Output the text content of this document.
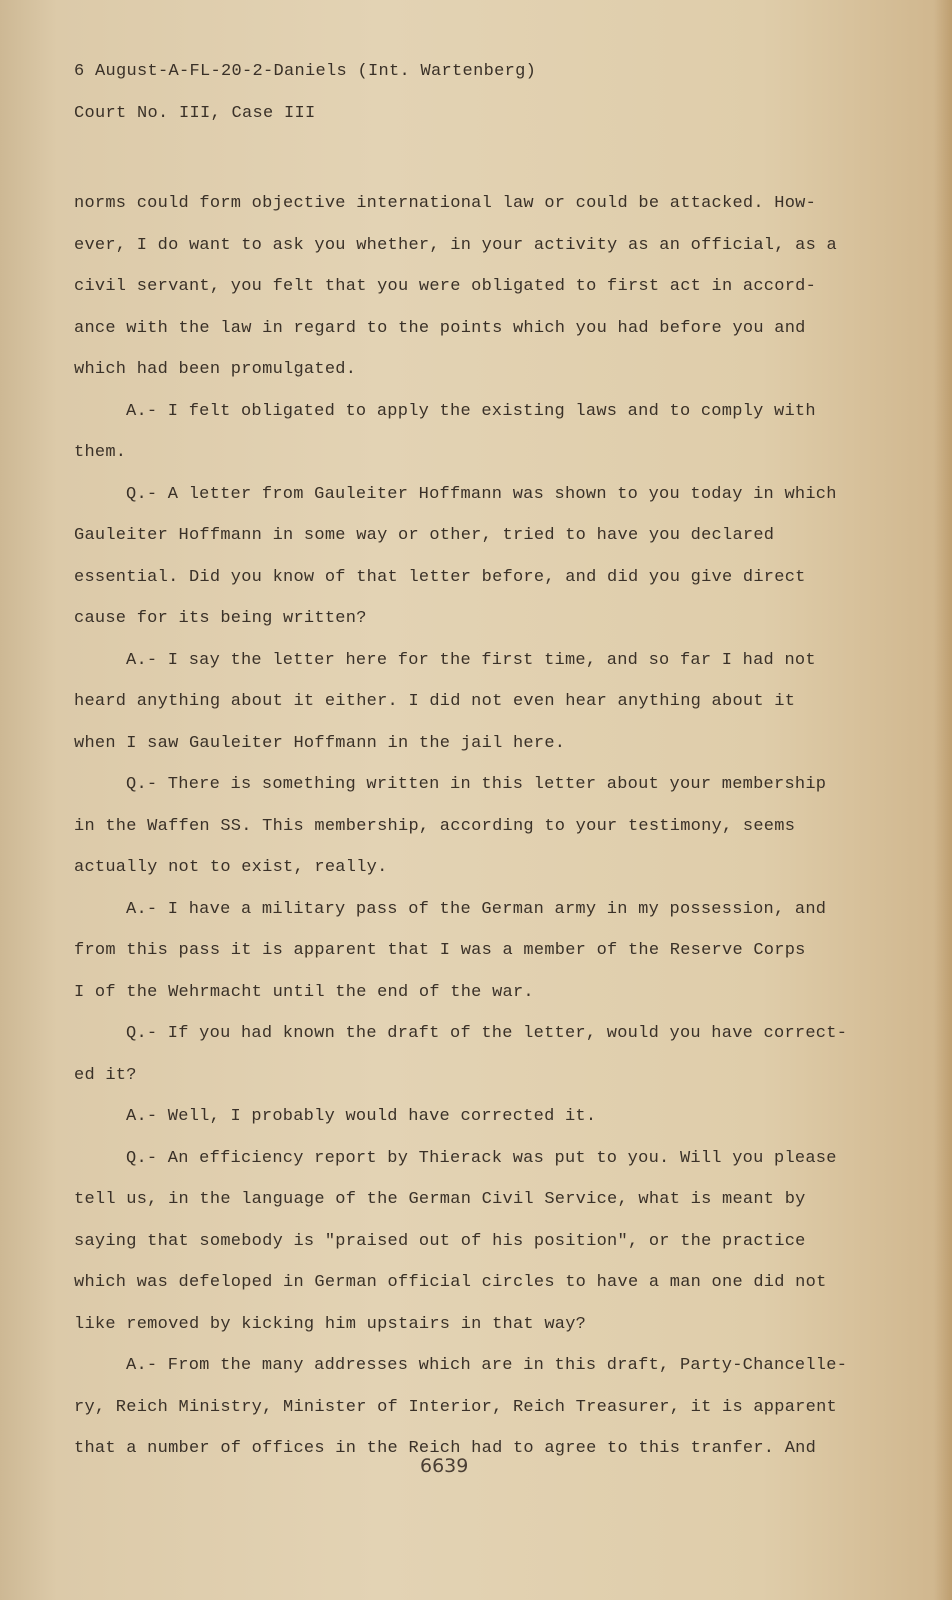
6 August-A-FL-20-2-Daniels (Int. Wartenberg)
Court No. III, Case III
norms could form objective international law or could be attacked. How-
ever, I do want to ask you whether, in your activity as an official, as a
civil servant, you felt that you were obligated to first act in accord-
ance with the law in regard to the points which you had before you and
which had been promulgated.
A.- I felt obligated to apply the existing laws and to comply with
them.
Q.- A letter from Gauleiter Hoffmann was shown to you today in which
Gauleiter Hoffmann in some way or other, tried to have you declared
essential. Did you know of that letter before, and did you give direct
cause for its being written?
A.- I say the letter here for the first time, and so far I had not
heard anything about it either. I did not even hear anything about it
when I saw Gauleiter Hoffmann in the jail here.
Q.- There is something written in this letter about your membership
in the Waffen SS. This membership, according to your testimony, seems
actually not to exist, really.
A.- I have a military pass of the German army in my possession, and
from this pass it is apparent that I was a member of the Reserve Corps
I of the Wehrmacht until the end of the war.
Q.- If you had known the draft of the letter, would you have correct-
ed it?
A.- Well, I probably would have corrected it.
Q.- An efficiency report by Thierack was put to you. Will you please
tell us, in the language of the German Civil Service, what is meant by
saying that somebody is "praised out of his position", or the practice
which was defeloped in German official circles to have a man one did not
like removed by kicking him upstairs in that way?
A.- From the many addresses which are in this draft, Party-Chancelle-
ry, Reich Ministry, Minister of Interior, Reich Treasurer, it is apparent
that a number of offices in the Reich had to agree to this tranfer. And
6639
